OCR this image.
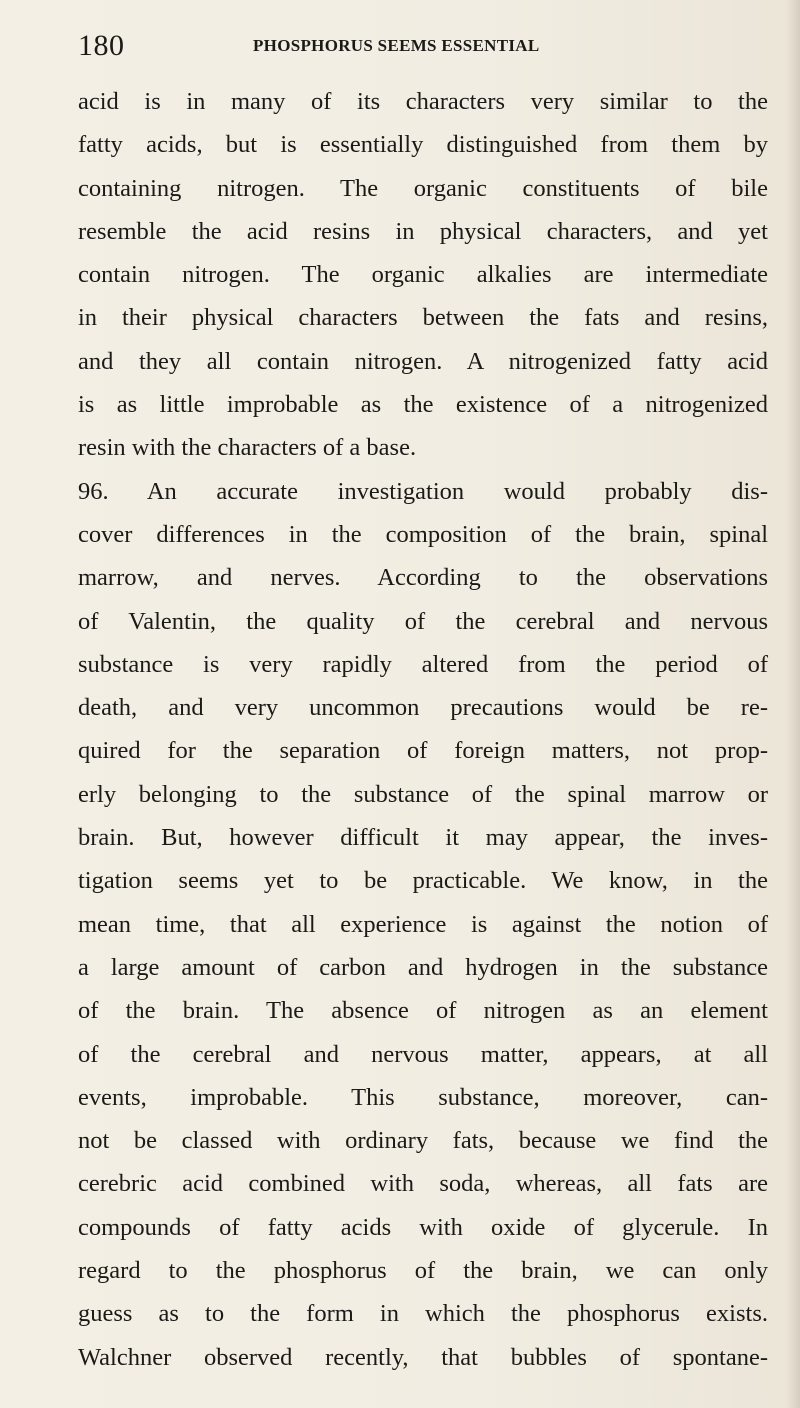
180	PHOSPHORUS SEEMS ESSENTIAL
acid is in many of its characters very similar to the
fatty acids, but is essentially distinguished from them by
containing nitrogen. The organic constituents of bile
resemble the acid resins in physical characters, and yet
contain nitrogen. The organic alkalies are intermediate
in their physical characters between the fats and resins,
and they all contain nitrogen. A nitrogenized fatty acid
is as little improbable as the existence of a nitrogenized
resin with the characters of a base.
96. An accurate investigation would probably dis-
cover differences in the composition of the brain, spinal
marrow, and nerves. According to the observations
of Valentin, the quality of the cerebral and nervous
substance is very rapidly altered from the period of
death, and very uncommon precautions would be re-
quired for the separation of foreign matters, not prop-
erly belonging to the substance of the spinal marrow or
brain. But, however difficult it may appear, the inves-
tigation seems yet to be practicable. We know, in the
mean time, that all experience is against the notion of
a large amount of carbon and hydrogen in the substance
of the brain. The absence of nitrogen as an element
of the cerebral and nervous matter, appears, at all
events, improbable. This substance, moreover, can-
not be classed with ordinary fats, because we find the
cerebric acid combined with soda, whereas, all fats are
compounds of fatty acids with oxide of glycerule. In
regard to the phosphorus of the brain, we can only
guess as to the form in which the phosphorus exists.
Walchner observed recently, that bubbles of spontane-
